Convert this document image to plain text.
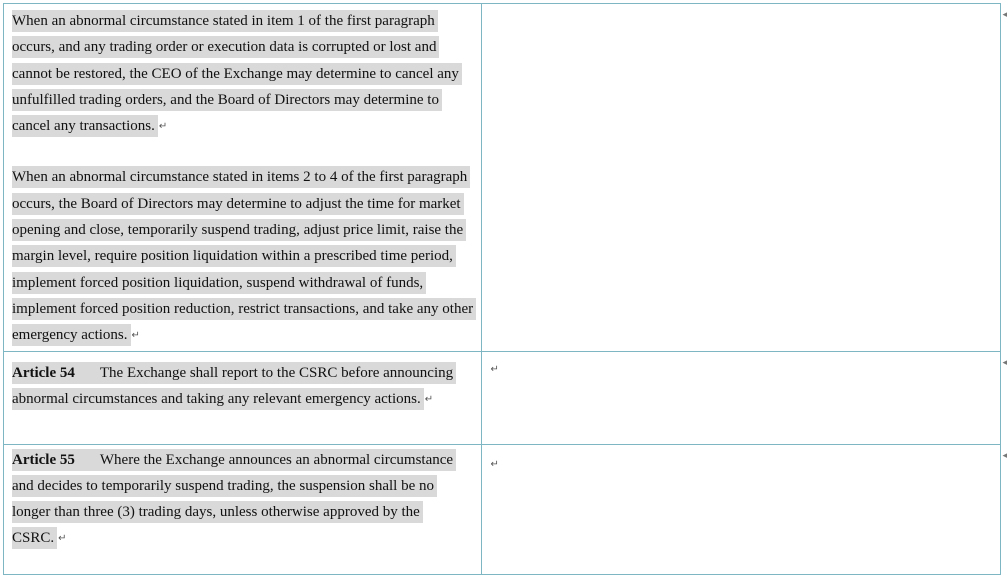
When an abnormal circumstance stated in item 1 of the first paragraph occurs, and any trading order or execution data is corrupted or lost and cannot be restored, the CEO of the Exchange may determine to cancel any unfulfilled trading orders, and the Board of Directors may determine to cancel any transactions. ↵

When an abnormal circumstance stated in items 2 to 4 of the first paragraph occurs, the Board of Directors may determine to adjust the time for market opening and close, temporarily suspend trading, adjust price limit, raise the margin level, require position liquidation within a prescribed time period, implement forced position liquidation, suspend withdrawal of funds, implement forced position reduction, restrict transactions, and take any other emergency actions. ↵	

Article 54 The Exchange shall report to the CSRC before announcing abnormal circumstances and taking any relevant emergency actions. ↵	↵

Article 55 Where the Exchange announces an abnormal circumstance and decides to temporarily suspend trading, the suspension shall be no longer than three (3) trading days, unless otherwise approved by the CSRC. ↵	↵
◂
◂
◂
